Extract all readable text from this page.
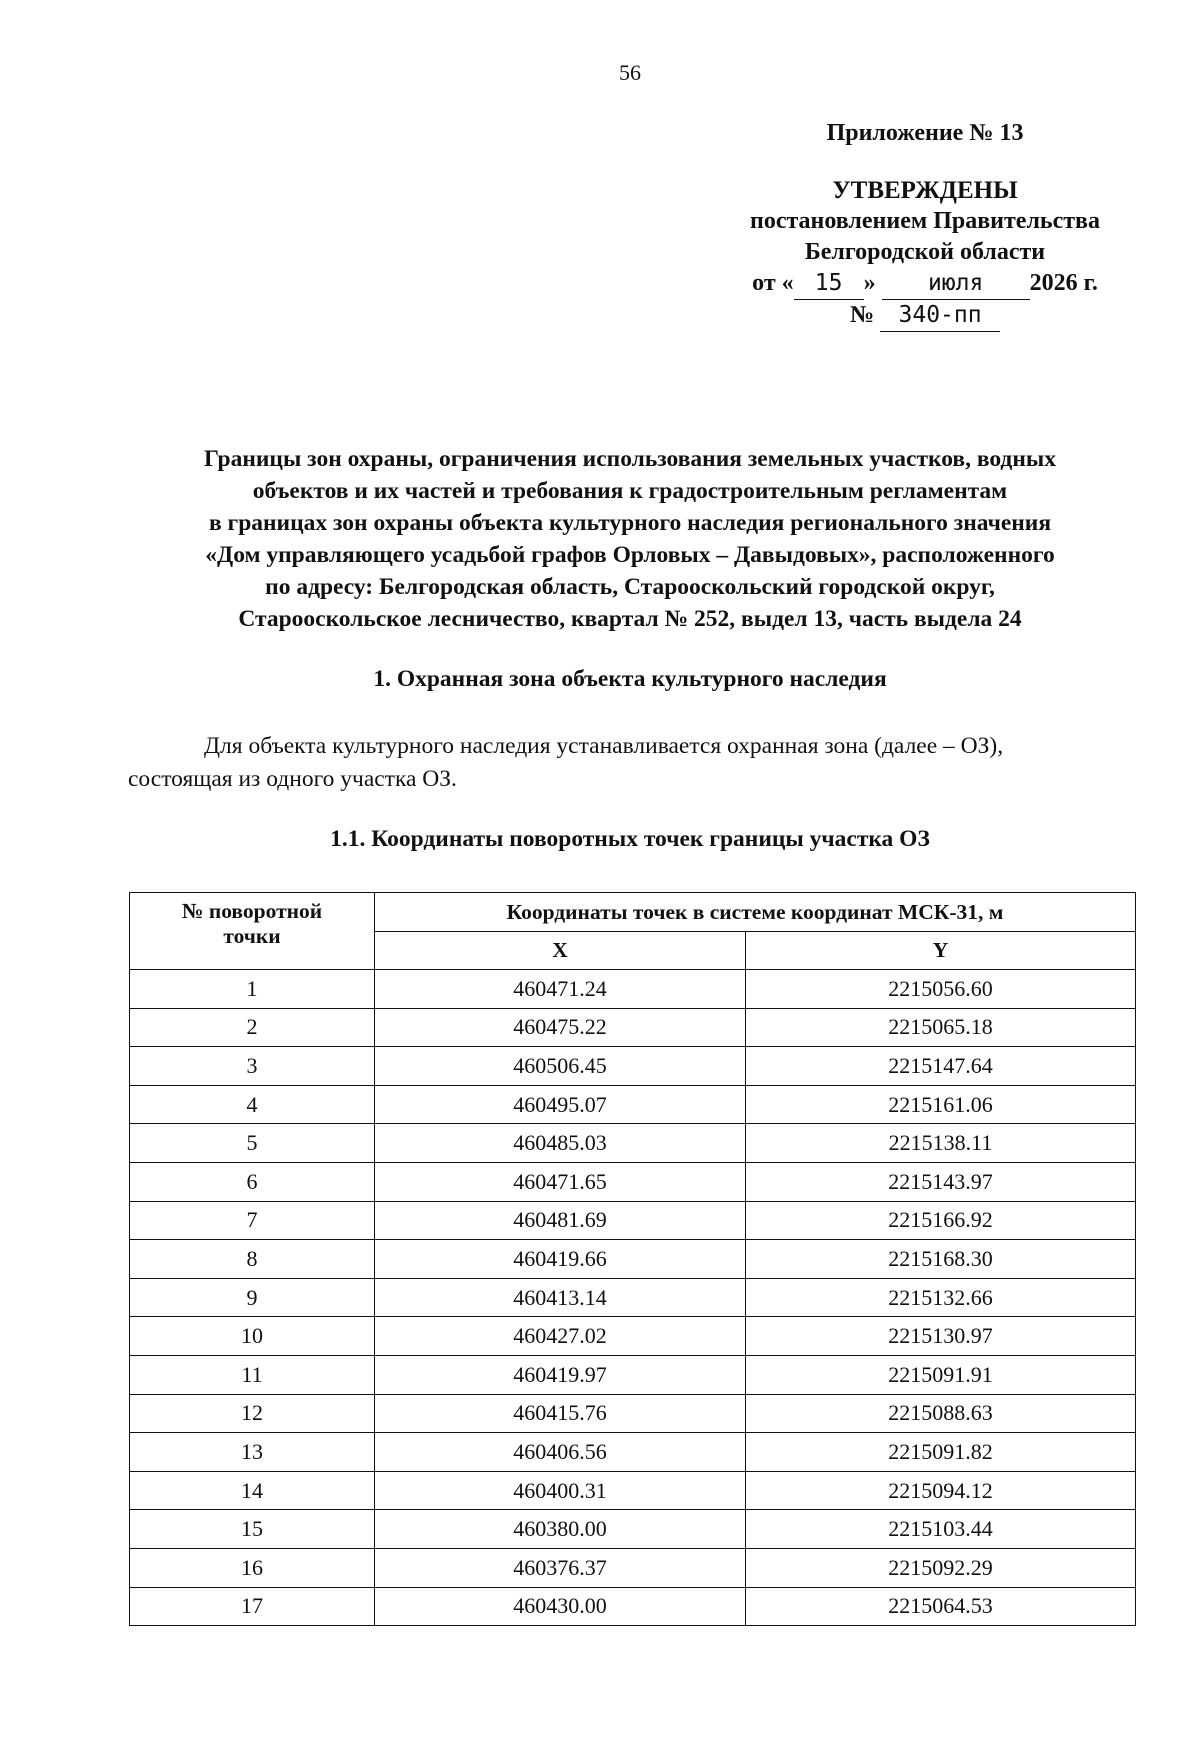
56
Приложение № 13
УТВЕРЖДЕНЫ
постановлением Правительства
Белгородской области
от « 15 » июля 2026 г.
№ 340-пп
Границы зон охраны, ограничения использования земельных участков, водных
объектов и их частей и требования к градостроительным регламентам
в границах зон охраны объекта культурного наследия регионального значения
«Дом управляющего усадьбой графов Орловых – Давыдовых», расположенного
по адресу: Белгородская область, Старооскольский городской округ,
Старооскольское лесничество, квартал № 252, выдел 13, часть выдела 24
1. Охранная зона объекта культурного наследия
Для объекта культурного наследия устанавливается охранная зона (далее – ОЗ),
состоящая из одного участка ОЗ.
1.1. Координаты поворотных точек границы участка ОЗ
№ поворотной
точки	Координаты точек в системе координат МСК-31, м	
	X	Y
1	460471.24	2215056.60
2	460475.22	2215065.18
3	460506.45	2215147.64
4	460495.07	2215161.06
5	460485.03	2215138.11
6	460471.65	2215143.97
7	460481.69	2215166.92
8	460419.66	2215168.30
9	460413.14	2215132.66
10	460427.02	2215130.97
11	460419.97	2215091.91
12	460415.76	2215088.63
13	460406.56	2215091.82
14	460400.31	2215094.12
15	460380.00	2215103.44
16	460376.37	2215092.29
17	460430.00	2215064.53
